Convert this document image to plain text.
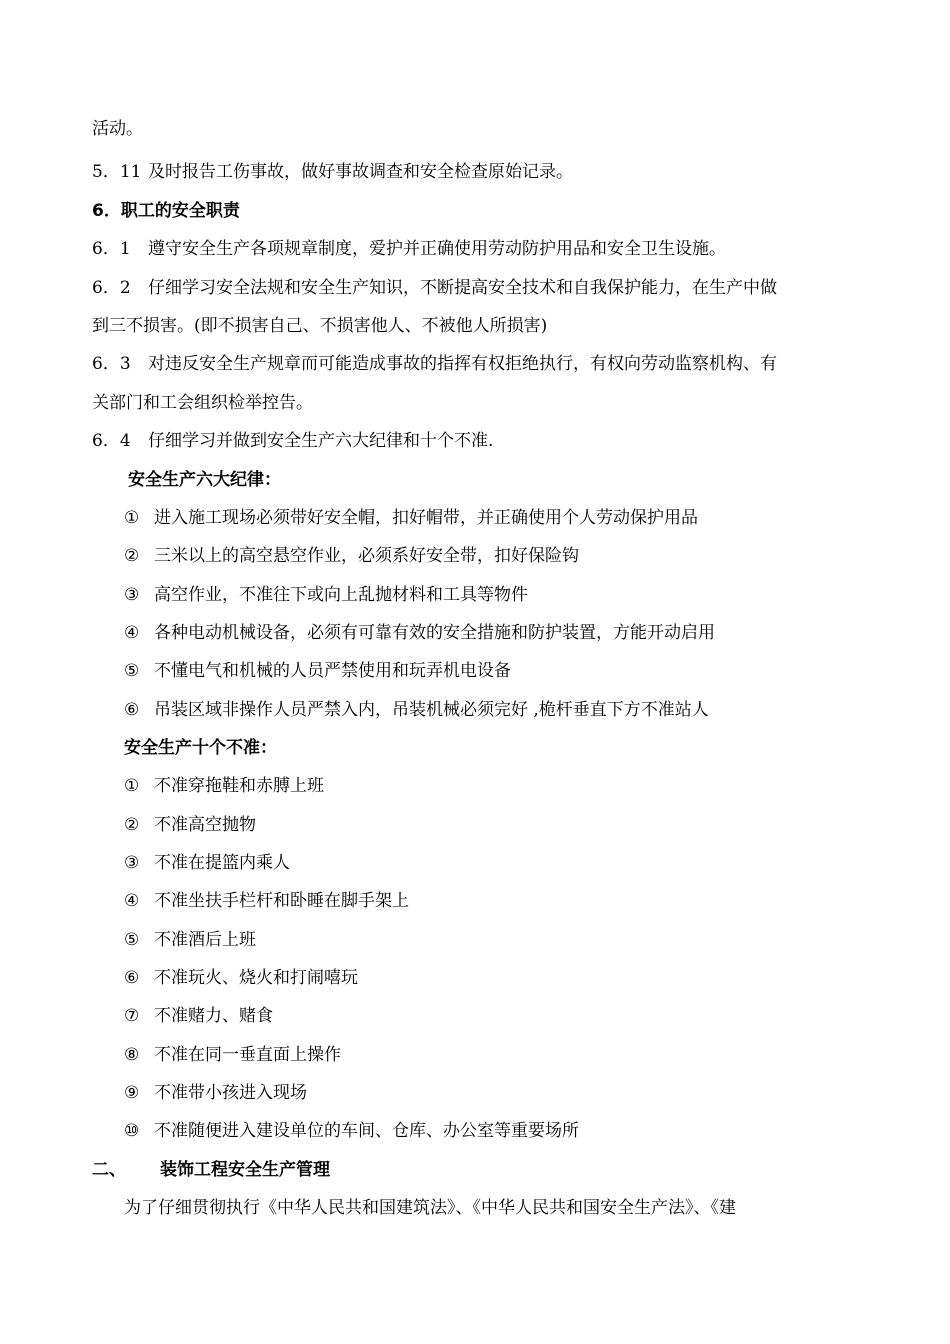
活动。
5．11 及时报告工伤事故，做好事故调查和安全检查原始记录。
6．职工的安全职责
6．1 遵守安全生产各项规章制度，爱护并正确使用劳动防护用品和安全卫生设施。
6．2 仔细学习安全法规和安全生产知识，不断提高安全技术和自我保护能力，在生产中做
到三不损害。(即不损害自己、不损害他人、不被他人所损害)
6．3 对违反安全生产规章而可能造成事故的指挥有权拒绝执行，有权向劳动监察机构、有
关部门和工会组织检举控告。
6．4 仔细学习并做到安全生产六大纪律和十个不准.
安全生产六大纪律：
① 进入施工现场必须带好安全帽，扣好帽带，并正确使用个人劳动保护用品
② 三米以上的高空悬空作业，必须系好安全带，扣好保险钩
③ 高空作业，不准往下或向上乱抛材料和工具等物件
④ 各种电动机械设备，必须有可靠有效的安全措施和防护装置，方能开动启用
⑤ 不懂电气和机械的人员严禁使用和玩弄机电设备
⑥ 吊装区域非操作人员严禁入内，吊装机械必须完好 ,桅杆垂直下方不准站人
安全生产十个不准：
① 不准穿拖鞋和赤膊上班
② 不准高空抛物
③ 不准在提篮内乘人
④ 不准坐扶手栏杆和卧睡在脚手架上
⑤ 不准酒后上班
⑥ 不准玩火、烧火和打闹嘻玩
⑦ 不准赌力、赌食
⑧ 不准在同一垂直面上操作
⑨ 不准带小孩进入现场
⑩ 不准随便进入建设单位的车间、仓库、办公室等重要场所
二、 装饰工程安全生产管理
为了仔细贯彻执行《中华人民共和国建筑法》、《中华人民共和国安全生产法》、《建
